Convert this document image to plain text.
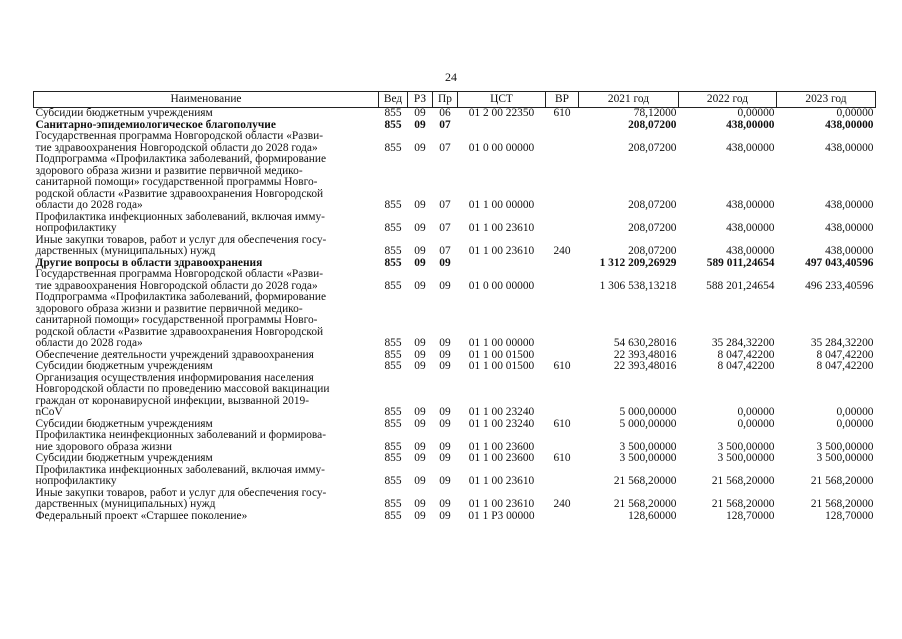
24
Наименование	Вед	РЗ	Пр	ЦСТ	ВР	2021 год	2022 год	2023 год
Субсидии бюджетным учреждениям	855	09	06	01 2 00 22350	610	78,12000	0,00000	0,00000
Санитарно-эпидемиологическое благополучие	855	09	07			208,07200	438,00000	438,00000
Государственная программа Новгородской области «Разви-
тие здравоохранения Новгородской области до 2028 года»	855	09	07	01 0 00 00000		208,07200	438,00000	438,00000
Подпрограмма «Профилактика заболеваний, формирование
здорового образа жизни и развитие первичной медико-
санитарной помощи» государственной программы Новго-
родской области «Развитие здравоохранения Новгородской
области до 2028 года»	855	09	07	01 1 00 00000		208,07200	438,00000	438,00000
Профилактика инфекционных заболеваний, включая имму-
нопрофилактику	855	09	07	01 1 00 23610		208,07200	438,00000	438,00000
Иные закупки товаров, работ и услуг для обеспечения госу-
дарственных (муниципальных) нужд	855	09	07	01 1 00 23610	240	208,07200	438,00000	438,00000
Другие вопросы в области здравоохранения	855	09	09			1 312 209,26929	589 011,24654	497 043,40596
Государственная программа Новгородской области «Разви-
тие здравоохранения Новгородской области до 2028 года»	855	09	09	01 0 00 00000		1 306 538,13218	588 201,24654	496 233,40596
Подпрограмма «Профилактика заболеваний, формирование
здорового образа жизни и развитие первичной медико-
санитарной помощи» государственной программы Новго-
родской области «Развитие здравоохранения Новгородской
области до 2028 года»	855	09	09	01 1 00 00000		54 630,28016	35 284,32200	35 284,32200
Обеспечение деятельности учреждений здравоохранения	855	09	09	01 1 00 01500		22 393,48016	8 047,42200	8 047,42200
Субсидии бюджетным учреждениям	855	09	09	01 1 00 01500	610	22 393,48016	8 047,42200	8 047,42200
Организация осуществления информирования населения
Новгородской области по проведению массовой вакцинации
граждан от коронавирусной инфекции, вызванной 2019-
nCoV	855	09	09	01 1 00 23240		5 000,00000	0,00000	0,00000
Субсидии бюджетным учреждениям	855	09	09	01 1 00 23240	610	5 000,00000	0,00000	0,00000
Профилактика неинфекционных заболеваний и формирова-
ние здорового образа жизни	855	09	09	01 1 00 23600		3 500,00000	3 500,00000	3 500,00000
Субсидии бюджетным учреждениям	855	09	09	01 1 00 23600	610	3 500,00000	3 500,00000	3 500,00000
Профилактика инфекционных заболеваний, включая имму-
нопрофилактику	855	09	09	01 1 00 23610		21 568,20000	21 568,20000	21 568,20000
Иные закупки товаров, работ и услуг для обеспечения госу-
дарственных (муниципальных) нужд	855	09	09	01 1 00 23610	240	21 568,20000	21 568,20000	21 568,20000
Федеральный проект «Старшее поколение»	855	09	09	01 1 P3 00000		128,60000	128,70000	128,70000
